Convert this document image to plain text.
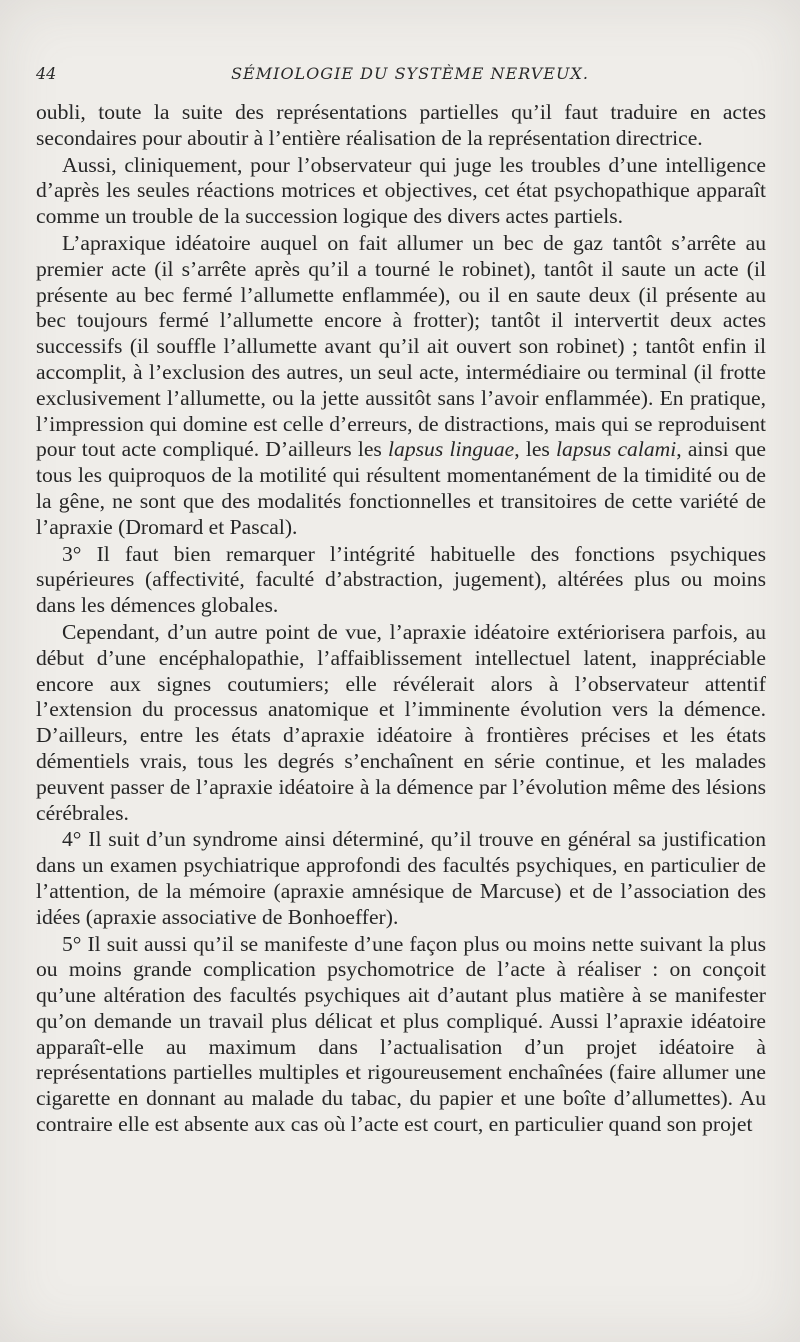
44	SÉMIOLOGIE DU SYSTÈME NERVEUX.

oubli, toute la suite des représentations partielles qu’il faut traduire en actes secondaires pour aboutir à l’entière réalisation de la représentation directrice.

Aussi, cliniquement, pour l’observateur qui juge les troubles d’une intelligence d’après les seules réactions motrices et objectives, cet état psychopathique apparaît comme un trouble de la succession logique des divers actes partiels.

L’apraxique idéatoire auquel on fait allumer un bec de gaz tantôt s’arrête au premier acte (il s’arrête après qu’il a tourné le robinet), tantôt il saute un acte (il présente au bec fermé l’allumette enflammée), ou il en saute deux (il présente au bec toujours fermé l’allumette encore à frotter); tantôt il intervertit deux actes successifs (il souffle l’allumette avant qu’il ait ouvert son robinet) ; tantôt enfin il accomplit, à l’exclusion des autres, un seul acte, intermédiaire ou terminal (il frotte exclusivement l’allumette, ou la jette aussitôt sans l’avoir enflammée). En pratique, l’impression qui domine est celle d’erreurs, de distractions, mais qui se reproduisent pour tout acte compliqué. D’ailleurs les lapsus linguae, les lapsus calami, ainsi que tous les quiproquos de la motilité qui résultent momentanément de la timidité ou de la gêne, ne sont que des modalités fonctionnelles et transitoires de cette variété de l’apraxie (Dromard et Pascal).

3° Il faut bien remarquer l’intégrité habituelle des fonctions psychiques supérieures (affectivité, faculté d’abstraction, jugement), altérées plus ou moins dans les démences globales.

Cependant, d’un autre point de vue, l’apraxie idéatoire extériorisera parfois, au début d’une encéphalopathie, l’affaiblissement intellectuel latent, inappréciable encore aux signes coutumiers; elle révélerait alors à l’observateur attentif l’extension du processus anatomique et l’imminente évolution vers la démence. D’ailleurs, entre les états d’apraxie idéatoire à frontières précises et les états démentiels vrais, tous les degrés s’enchaînent en série continue, et les malades peuvent passer de l’apraxie idéatoire à la démence par l’évolution même des lésions cérébrales.

4° Il suit d’un syndrome ainsi déterminé, qu’il trouve en général sa justification dans un examen psychiatrique approfondi des facultés psychiques, en particulier de l’attention, de la mémoire (apraxie amnésique de Marcuse) et de l’association des idées (apraxie associative de Bonhoeffer).

5° Il suit aussi qu’il se manifeste d’une façon plus ou moins nette suivant la plus ou moins grande complication psychomotrice de l’acte à réaliser : on conçoit qu’une altération des facultés psychiques ait d’autant plus matière à se manifester qu’on demande un travail plus délicat et plus compliqué. Aussi l’apraxie idéatoire apparaît-elle au maximum dans l’actualisation d’un projet idéatoire à représentations partielles multiples et rigoureusement enchaînées (faire allumer une cigarette en donnant au malade du tabac, du papier et une boîte d’allumettes). Au contraire elle est absente aux cas où l’acte est court, en particulier quand son projet
